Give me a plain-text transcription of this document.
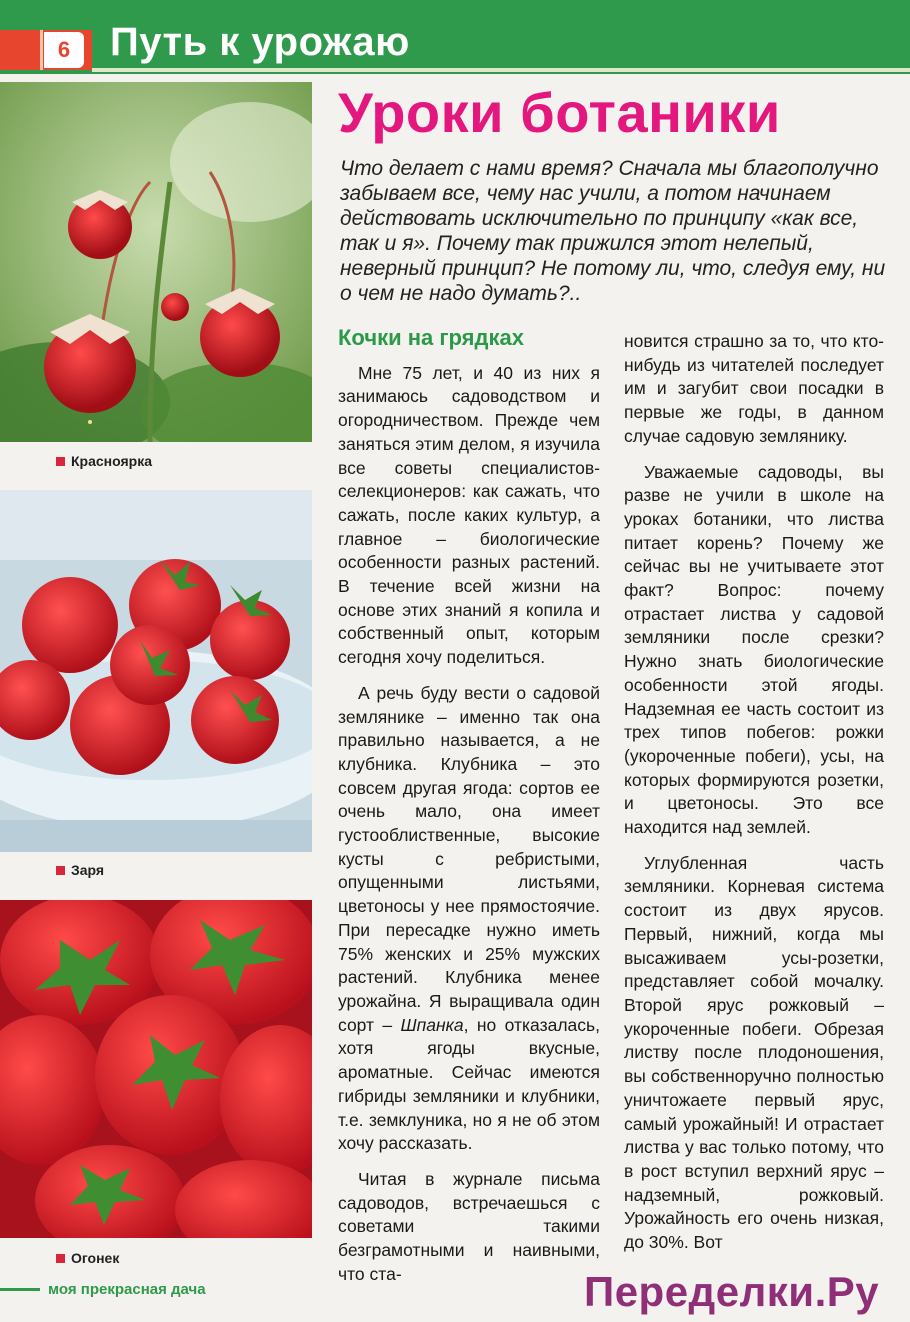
6 Путь к урожаю
Красноярка
Заря
Огонек
Уроки ботаники
Что делает с нами время? Сначала мы благополучно забываем все, чему нас учили, а потом начинаем действовать исключительно по принципу «как все, так и я». Почему так прижился этот нелепый, неверный принцип? Не потому ли, что, следуя ему, ни о чем не надо думать?..

Кочки на грядках

Мне 75 лет, и 40 из них я занимаюсь садоводством и огородничеством. Прежде чем заняться этим делом, я изучила все советы специалистов-селекционеров: как сажать, что сажать, после каких культур, а главное – биологические особенности разных растений. В течение всей жизни на основе этих знаний я копила и собственный опыт, которым сегодня хочу поделиться.

А речь буду вести о садовой землянике – именно так она правильно называется, а не клубника. Клубника – это совсем другая ягода: сортов ее очень мало, она имеет густооблиственные, высокие кусты с ребристыми, опущенными листьями, цветоносы у нее прямостоячие. При пересадке нужно иметь 75% женских и 25% мужских растений. Клубника менее урожайна. Я выращивала один сорт – Шпанка, но отказалась, хотя ягоды вкусные, ароматные. Сейчас имеются гибриды земляники и клубники, т.е. земклуника, но я не об этом хочу рассказать.

Читая в журнале письма садоводов, встречаешься с советами такими безграмотными и наивными, что ста-

новится страшно за то, что кто-нибудь из читателей последует им и загубит свои посадки в первые же годы, в данном случае садовую землянику.

Уважаемые садоводы, вы разве не учили в школе на уроках ботаники, что листва питает корень? Почему же сейчас вы не учитываете этот факт? Вопрос: почему отрастает листва у садовой земляники после срезки? Нужно знать биологические особенности этой ягоды. Надземная ее часть состоит из трех типов побегов: рожки (укороченные побеги), усы, на которых формируются розетки, и цветоносы. Это все находится над землей.

Углубленная часть земляники. Корневая система состоит из двух ярусов. Первый, нижний, когда мы высаживаем усы-розетки, представляет собой мочалку. Второй ярус рожковый – укороченные побеги. Обрезая листву после плодоношения, вы собственноручно полностью уничтожаете первый ярус, самый урожайный! И отрастает листва у вас только потому, что в рост вступил верхний ярус – надземный, рожковый. Урожайность его очень низкая, до 30%. Вот

моя прекрасная дача	Переделки.Ру
